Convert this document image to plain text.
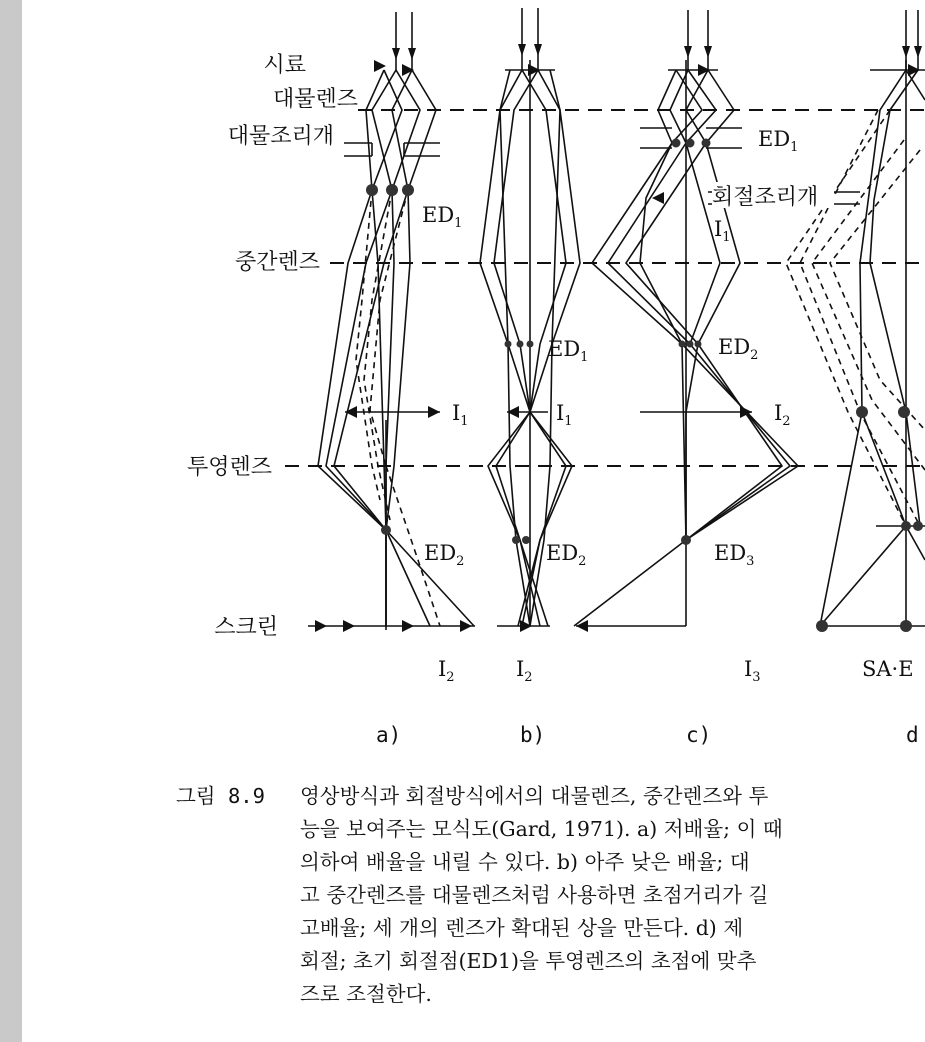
시료
대물렌즈
대물조리개
중간렌즈
투영렌즈
스크린
회절조리개
$ED_1$
$ED_2$
$I_1$
$I_2$
$ED_1$
$ED_2$
$I_1$
$I_2$
$ED_1$
$I_1$
$ED_2$
$I_2$
$ED_3$
$I_3$	SA·E
a)	b)	c)	d
그림 8.9 영상방식과 회절방식에서의 대물렌즈, 중간렌즈와 투
능을 보여주는 모식도(Gard, 1971). a) 저배율; 이 때
의하여 배율을 내릴 수 있다. b) 아주 낮은 배율; 대
고 중간렌즈를 대물렌즈처럼 사용하면 초점거리가 길
고배율; 세 개의 렌즈가 확대된 상을 만든다. d) 제
회절; 초기 회절점(ED1)을 투영렌즈의 초점에 맞추
즈로 조절한다.
